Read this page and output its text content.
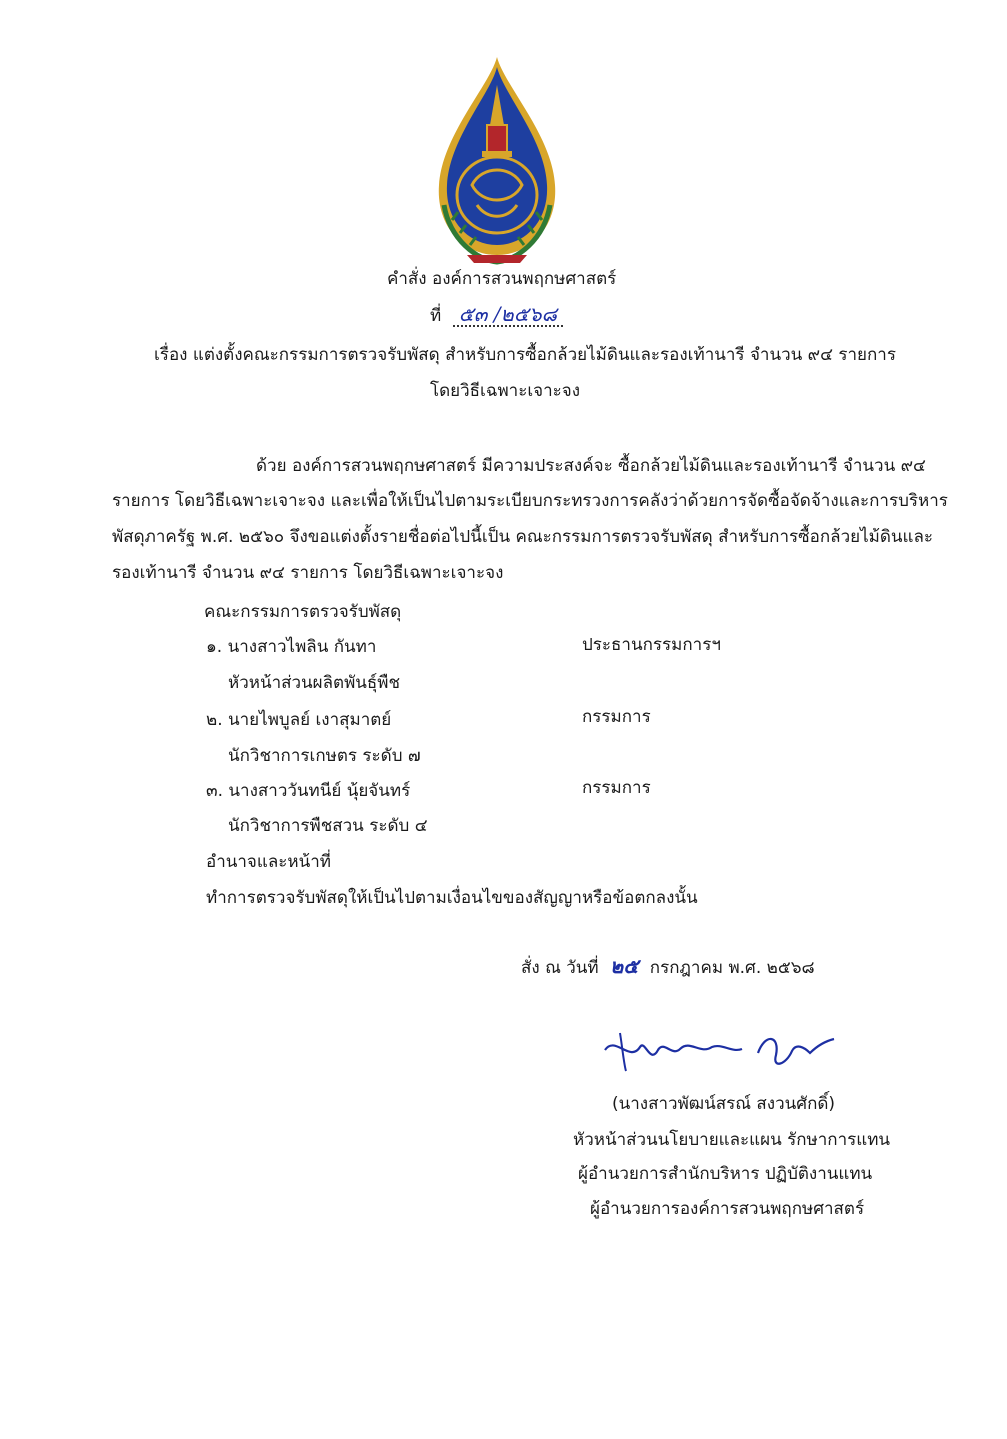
คำสั่ง องค์การสวนพฤกษศาสตร์
ที่ ๕๓ /๒๕๖๘
เรื่อง แต่งตั้งคณะกรรมการตรวจรับพัสดุ สำหรับการซื้อกล้วยไม้ดินและรองเท้านารี จำนวน ๙๔ รายการ
โดยวิธีเฉพาะเจาะจง
ด้วย องค์การสวนพฤกษศาสตร์ มีความประสงค์จะ ซื้อกล้วยไม้ดินและรองเท้านารี จำนวน ๙๔
รายการ โดยวิธีเฉพาะเจาะจง และเพื่อให้เป็นไปตามระเบียบกระทรวงการคลังว่าด้วยการจัดซื้อจัดจ้างและการบริหาร
พัสดุภาครัฐ พ.ศ. ๒๕๖๐ จึงขอแต่งตั้งรายชื่อต่อไปนี้เป็น คณะกรรมการตรวจรับพัสดุ สำหรับการซื้อกล้วยไม้ดินและ
รองเท้านารี จำนวน ๙๔ รายการ โดยวิธีเฉพาะเจาะจง
คณะกรรมการตรวจรับพัสดุ
๑. นางสาวไพลิน กันทา	ประธานกรรมการฯ
หัวหน้าส่วนผลิตพันธุ์พืช
๒. นายไพบูลย์ เงาสุมาตย์	กรรมการ
นักวิชาการเกษตร ระดับ ๗
๓. นางสาววันทนีย์ นุ้ยจันทร์	กรรมการ
นักวิชาการพืชสวน ระดับ ๔
อำนาจและหน้าที่
ทำการตรวจรับพัสดุให้เป็นไปตามเงื่อนไขของสัญญาหรือข้อตกลงนั้น
สั่ง ณ วันที่ ๒๕ กรกฎาคม พ.ศ. ๒๕๖๘
(นางสาวพัฒน์สรณ์ สงวนศักดิ์)
หัวหน้าส่วนนโยบายและแผน รักษาการแทน
ผู้อำนวยการสำนักบริหาร ปฏิบัติงานแทน
ผู้อำนวยการองค์การสวนพฤกษศาสตร์
